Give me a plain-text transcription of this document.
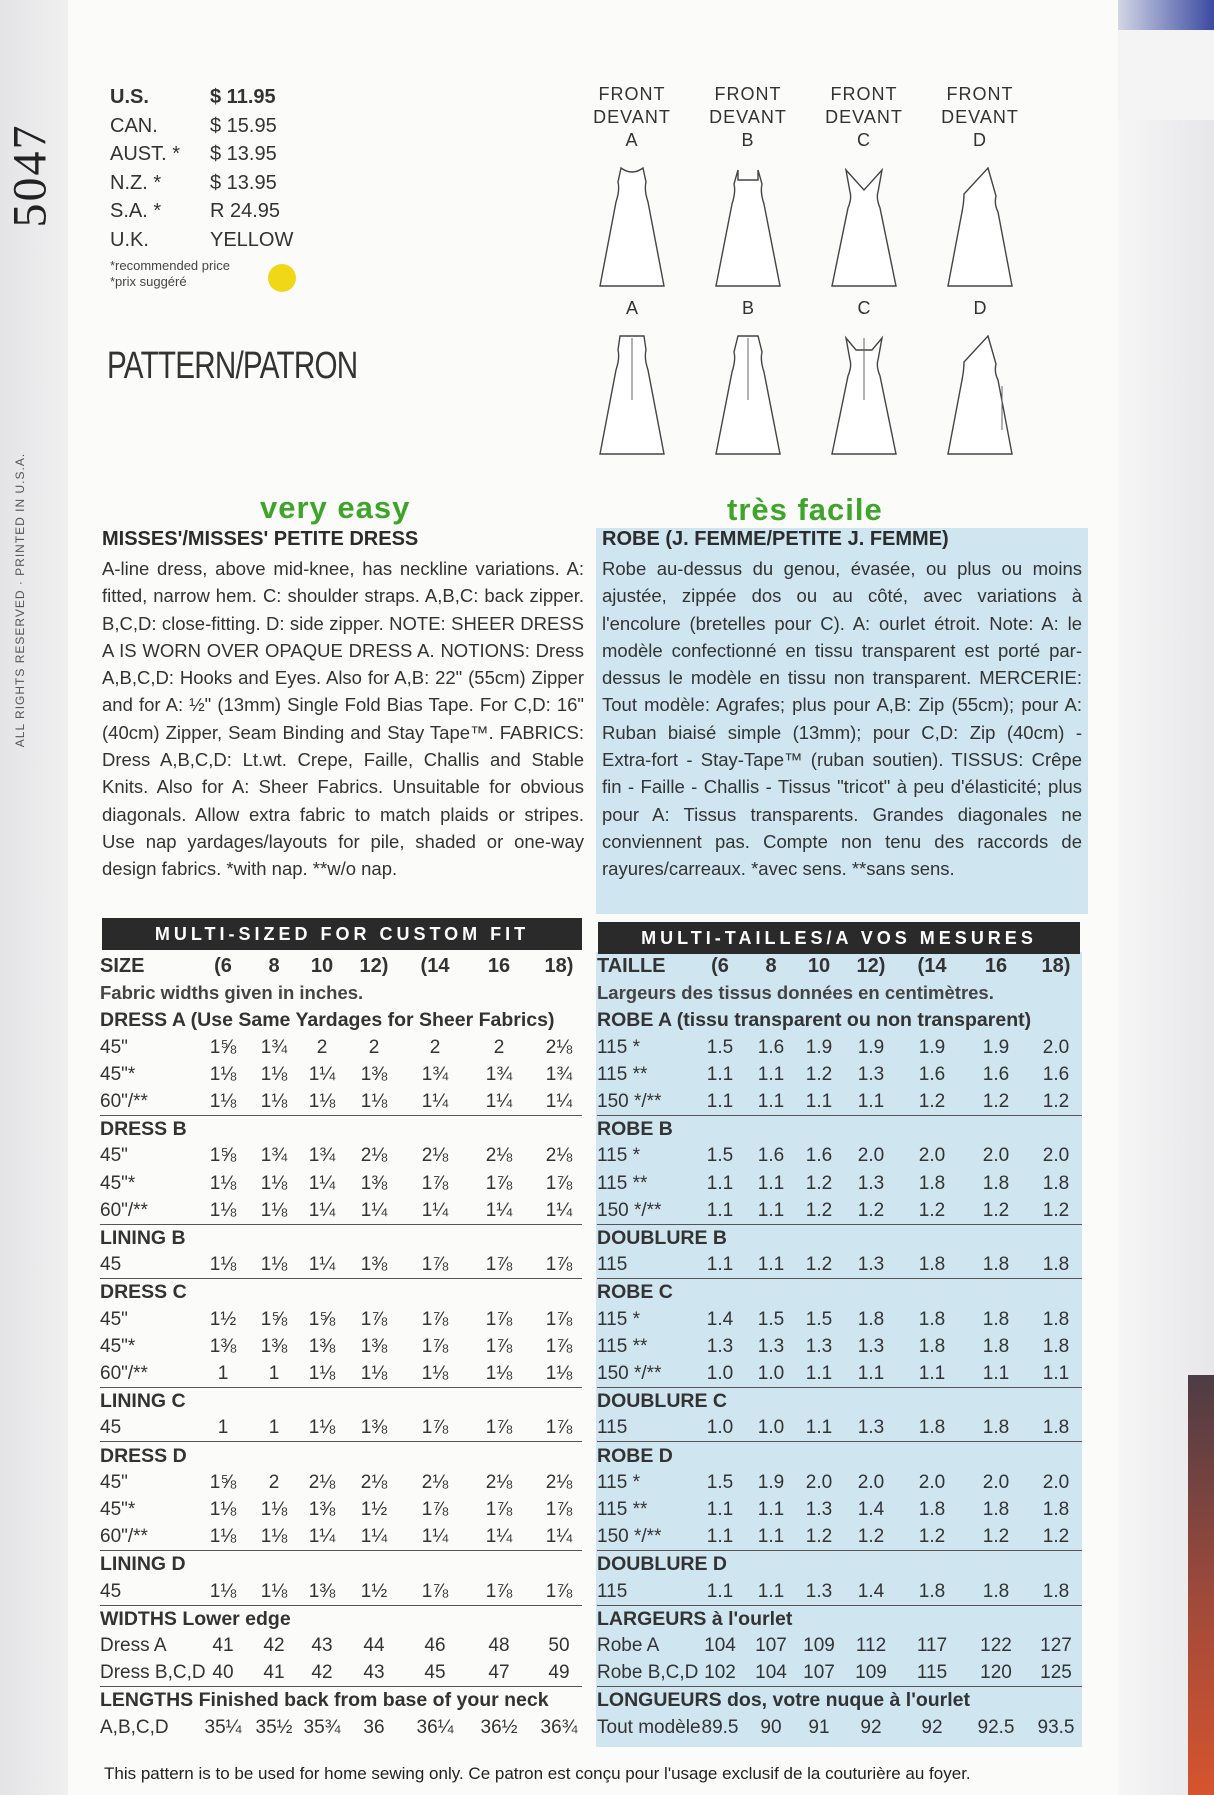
5047
ALL RIGHTS RESERVED · PRINTED IN U.S.A.
U.S.	$ 11.95
CAN.	$ 15.95
AUST. *	$ 13.95
N.Z. *	$ 13.95
S.A. *	R 24.95
U.K.	YELLOW
*recommended price
*prix suggéré
PATTERN/PATRON
FRONT
DEVANT
A
A
FRONT
DEVANT
B
B
FRONT
DEVANT
C
C
FRONT
DEVANT
D
D
very easy	très facile
MISSES'/MISSES' PETITE DRESS
A-line dress, above mid-knee, has neckline variations. A: fitted, narrow hem. C: shoulder straps. A,B,C: back zipper. B,C,D: close-fitting. D: side zipper. NOTE: SHEER DRESS A IS WORN OVER OPAQUE DRESS A. NOTIONS: Dress A,B,C,D: Hooks and Eyes. Also for A,B: 22" (55cm) Zipper and for A: ½" (13mm) Single Fold Bias Tape. For C,D: 16" (40cm) Zipper, Seam Binding and Stay Tape™. FABRICS: Dress A,B,C,D: Lt.wt. Crepe, Faille, Challis and Stable Knits. Also for A: Sheer Fabrics. Unsuitable for obvious diagonals. Allow extra fabric to match plaids or stripes. Use nap yardages/layouts for pile, shaded or one-way design fabrics. *with nap. **w/o nap.
ROBE (J. FEMME/PETITE J. FEMME)
Robe au-dessus du genou, évasée, ou plus ou moins ajustée, zippée dos ou au côté, avec variations à l'encolure (bretelles pour C). A: ourlet étroit. Note: A: le modèle confectionné en tissu transparent est porté par-dessus le modèle en tissu non transparent. MERCERIE: Tout modèle: Agrafes; plus pour A,B: Zip (55cm); pour A: Ruban biaisé simple (13mm); pour C,D: Zip (40cm) - Extra-fort - Stay-Tape™ (ruban soutien). TISSUS: Crêpe fin - Faille - Challis - Tissus "tricot" à peu d'élasticité; plus pour A: Tissus transparents. Grandes diagonales ne conviennent pas. Compte non tenu des raccords de rayures/carreaux. *avec sens. **sans sens.
MULTI-SIZED FOR CUSTOM FIT	MULTI-TAILLES/A VOS MESURES
SIZE	(6	8	10	12)	(14	16	18)
Fabric widths given in inches.
DRESS A (Use Same Yardages for Sheer Fabrics)
45"	1⅝	1¾	2	2	2	2	2⅛
45"*	1⅛	1⅛	1¼	1⅜	1¾	1¾	1¾
60"/**	1⅛	1⅛	1⅛	1⅛	1¼	1¼	1¼
DRESS B
45"	1⅝	1¾	1¾	2⅛	2⅛	2⅛	2⅛
45"*	1⅛	1⅛	1¼	1⅜	1⅞	1⅞	1⅞
60"/**	1⅛	1⅛	1¼	1¼	1¼	1¼	1¼
LINING B
45	1⅛	1⅛	1¼	1⅜	1⅞	1⅞	1⅞
DRESS C
45"	1½	1⅝	1⅝	1⅞	1⅞	1⅞	1⅞
45"*	1⅜	1⅜	1⅜	1⅜	1⅞	1⅞	1⅞
60"/**	1	1	1⅛	1⅛	1⅛	1⅛	1⅛
LINING C
45	1	1	1⅛	1⅜	1⅞	1⅞	1⅞
DRESS D
45"	1⅝	2	2⅛	2⅛	2⅛	2⅛	2⅛
45"*	1⅛	1⅛	1⅜	1½	1⅞	1⅞	1⅞
60"/**	1⅛	1⅛	1¼	1¼	1¼	1¼	1¼
LINING D
45	1⅛	1⅛	1⅜	1½	1⅞	1⅞	1⅞
WIDTHS Lower edge
Dress A	41	42	43	44	46	48	50
Dress B,C,D 40	41	42	43	45	47	49
LENGTHS Finished back from base of your neck
A,B,C,D 35¼ 35½ 35¾	36	36¼ 36½ 36¾
TAILLE	(6	8	10	12)	(14	16	18)
Largeurs des tissus données en centimètres.
ROBE A (tissu transparent ou non transparent)
115 *	1.5	1.6	1.9	1.9	1.9	1.9	2.0
115 **	1.1	1.1	1.2	1.3	1.6	1.6	1.6
150 */**	1.1	1.1	1.1	1.1	1.2	1.2	1.2
ROBE B
115 *	1.5	1.6	1.6	2.0	2.0	2.0	2.0
115 **	1.1	1.1	1.2	1.3	1.8	1.8	1.8
150 */**	1.1	1.1	1.2	1.2	1.2	1.2	1.2
DOUBLURE B
115	1.1	1.1	1.2	1.3	1.8	1.8	1.8
ROBE C
115 *	1.4	1.5	1.5	1.8	1.8	1.8	1.8
115 **	1.3	1.3	1.3	1.3	1.8	1.8	1.8
150 */**	1.0	1.0	1.1	1.1	1.1	1.1	1.1
DOUBLURE C
115	1.0	1.0	1.1	1.3	1.8	1.8	1.8
ROBE D
115 *	1.5	1.9	2.0	2.0	2.0	2.0	2.0
115 **	1.1	1.1	1.3	1.4	1.8	1.8	1.8
150 */**	1.1	1.1	1.2	1.2	1.2	1.2	1.2
DOUBLURE D
115	1.1	1.1	1.3	1.4	1.8	1.8	1.8
LARGEURS à l'ourlet
Robe A	104	107 109	112	117	122	127
Robe B,C,D 102	104 107	109	115	120	125
LONGUEURS dos, votre nuque à l'ourlet
Tout modèle 89.5	90	91	92	92	92.5 93.5
This pattern is to be used for home sewing only. Ce patron est conçu pour l'usage exclusif de la couturière au foyer.
